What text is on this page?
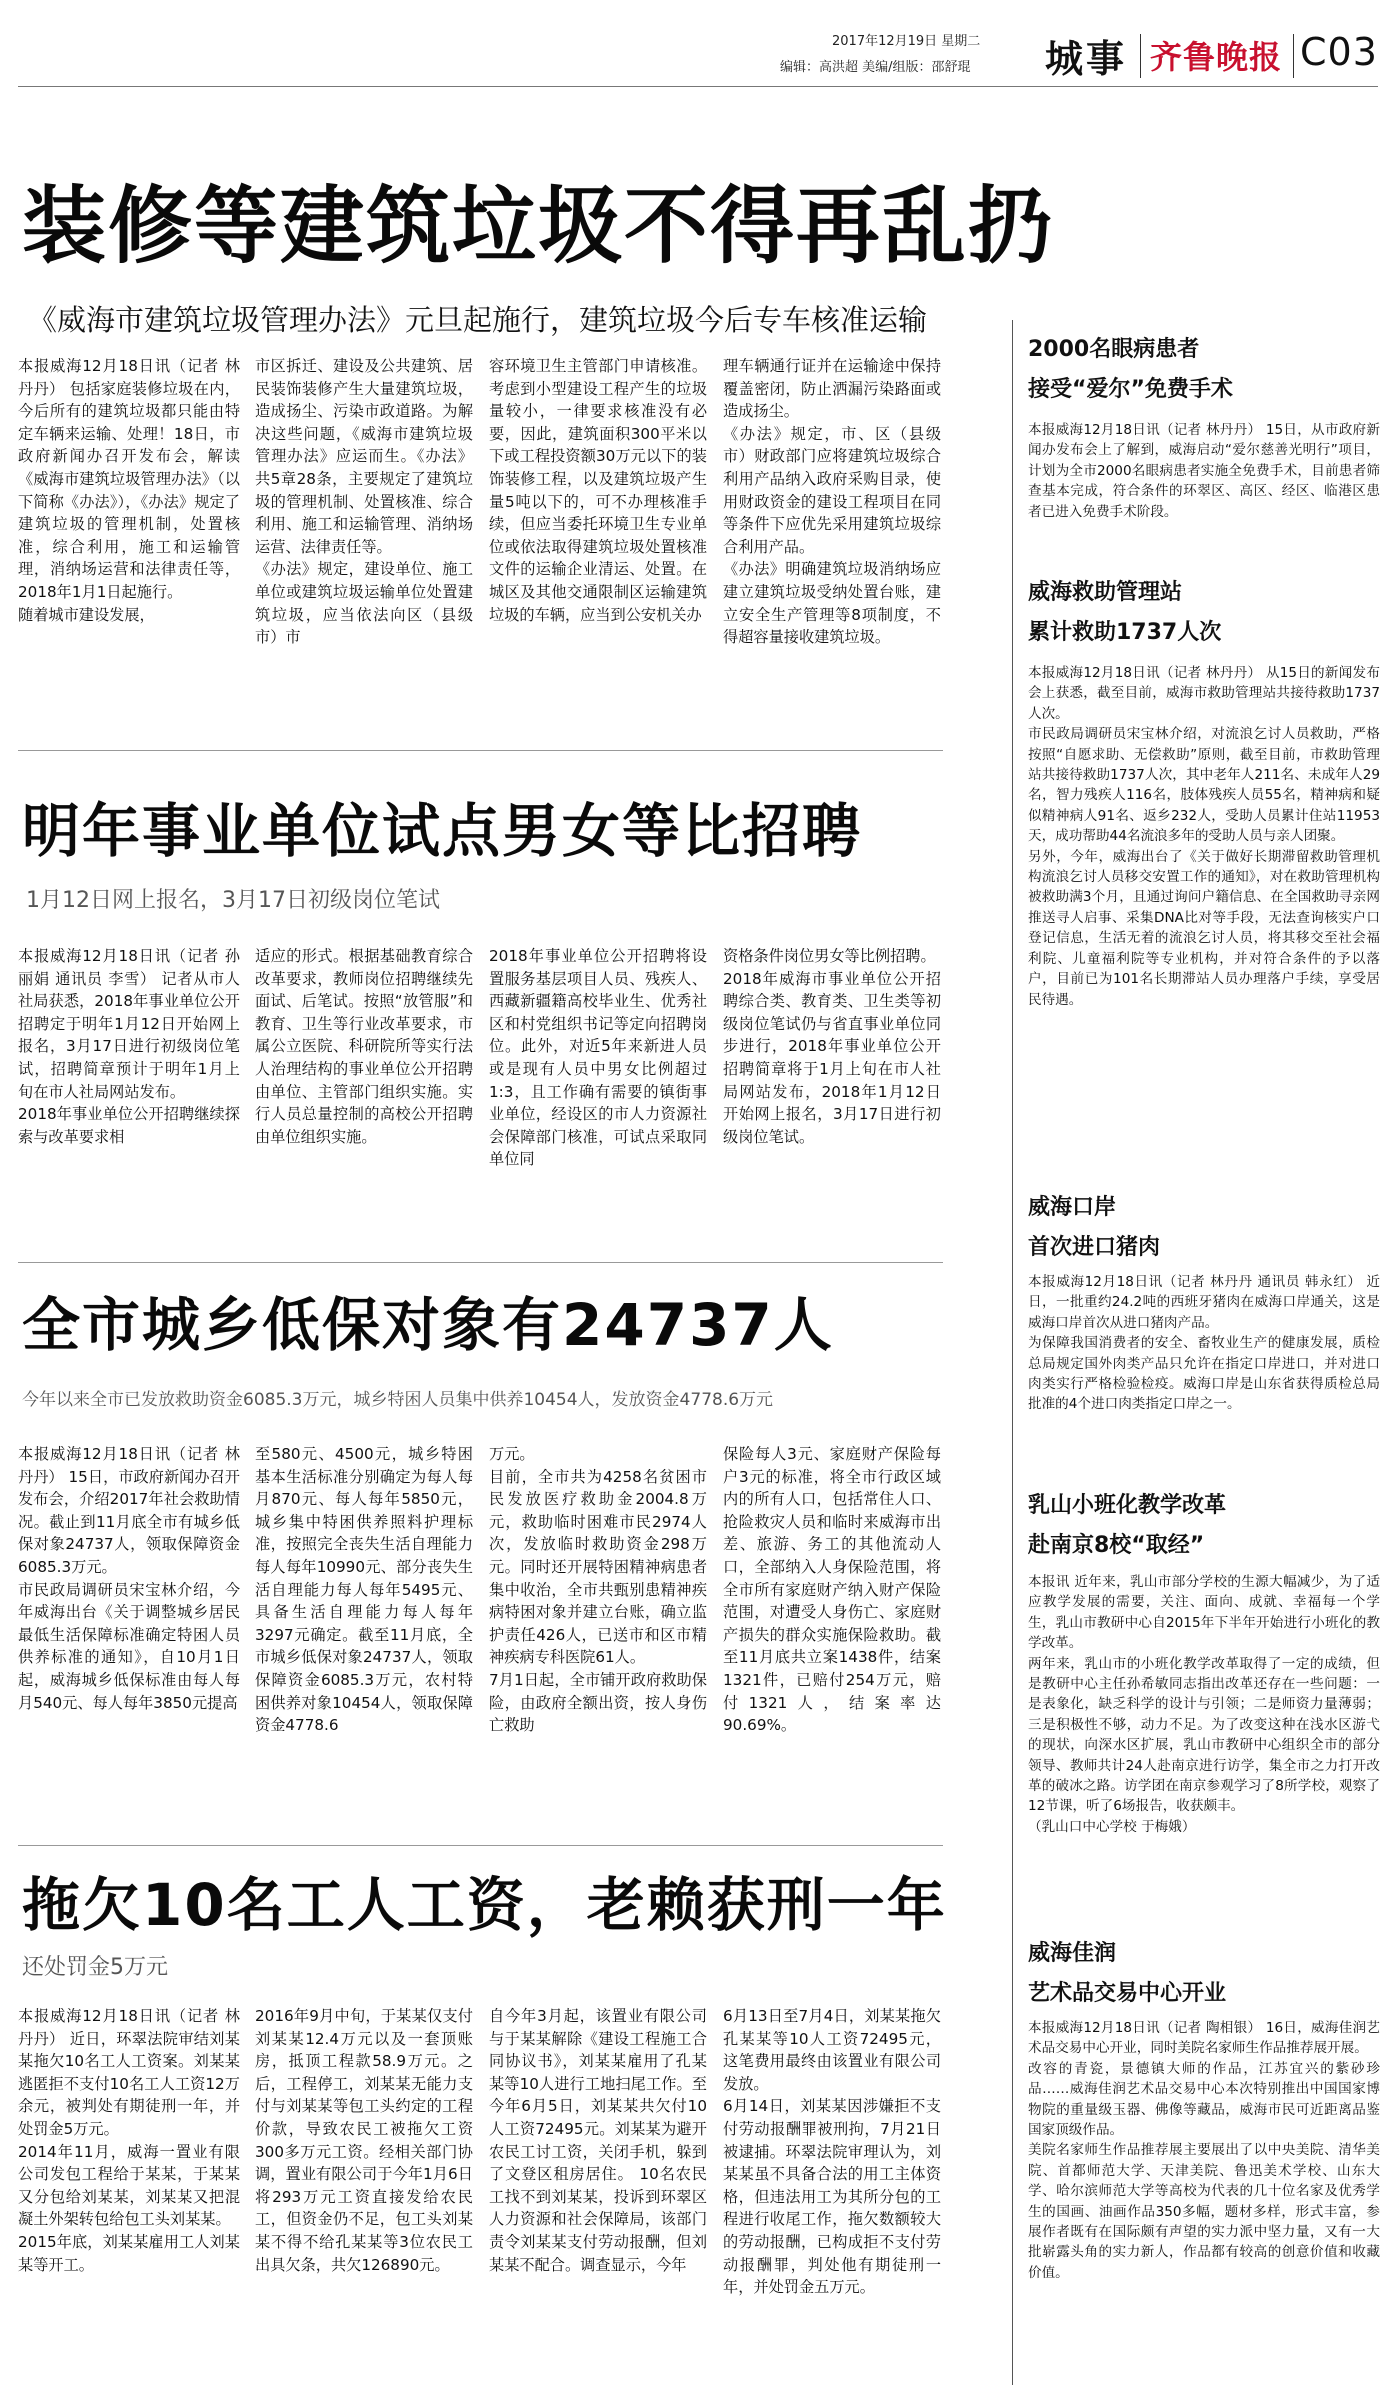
2017年12月19日 星期二
编辑：高洪超 美编/组版：邵舒琨 城事 齐鲁晚报 C03
装修等建筑垃圾不得再乱扔
《威海市建筑垃圾管理办法》元旦起施行，建筑垃圾今后专车核准运输
本报威海12月18日讯（记者 林丹丹） 包括家庭装修垃圾在内，今后所有的建筑垃圾都只能由特定车辆来运输、处理！18日，市政府新闻办召开发布会，解读《威海市建筑垃圾管理办法》（以下简称《办法》），《办法》规定了建筑垃圾的管理机制，处置核准，综合利用，施工和运输管理，消纳场运营和法律责任等，2018年1月1日起施行。
随着城市建设发展，
市区拆迁、建设及公共建筑、居民装饰装修产生大量建筑垃圾，造成扬尘、污染市政道路。为解决这些问题，《威海市建筑垃圾管理办法》应运而生。《办法》共5章28条，主要规定了建筑垃圾的管理机制、处置核准、综合利用、施工和运输管理、消纳场运营、法律责任等。
《办法》规定，建设单位、施工单位或建筑垃圾运输单位处置建筑垃圾，应当依法向区（县级市）市
容环境卫生主管部门申请核准。考虑到小型建设工程产生的垃圾量较小，一律要求核准没有必要，因此，建筑面积300平米以下或工程投资额30万元以下的装饰装修工程，以及建筑垃圾产生量5吨以下的，可不办理核准手续，但应当委托环境卫生专业单位或依法取得建筑垃圾处置核准文件的运输企业清运、处置。在城区及其他交通限制区运输建筑垃圾的车辆，应当到公安机关办
理车辆通行证并在运输途中保持覆盖密闭，防止洒漏污染路面或造成扬尘。
《办法》规定，市、区（县级市）财政部门应将建筑垃圾综合利用产品纳入政府采购目录，使用财政资金的建设工程项目在同等条件下应优先采用建筑垃圾综合利用产品。
《办法》明确建筑垃圾消纳场应建立建筑垃圾受纳处置台账，建立安全生产管理等8项制度，不得超容量接收建筑垃圾。
明年事业单位试点男女等比招聘
1月12日网上报名，3月17日初级岗位笔试
本报威海12月18日讯（记者 孙丽娟 通讯员 李雪） 记者从市人社局获悉，2018年事业单位公开招聘定于明年1月12日开始网上报名，3月17日进行初级岗位笔试，招聘简章预计于明年1月上旬在市人社局网站发布。
2018年事业单位公开招聘继续探索与改革要求相
适应的形式。根据基础教育综合改革要求，教师岗位招聘继续先面试、后笔试。按照“放管服”和教育、卫生等行业改革要求，市属公立医院、科研院所等实行法人治理结构的事业单位公开招聘由单位、主管部门组织实施。实行人员总量控制的高校公开招聘由单位组织实施。
2018年事业单位公开招聘将设置服务基层项目人员、残疾人、西藏新疆籍高校毕业生、优秀社区和村党组织书记等定向招聘岗位。此外，对近5年来新进人员或是现有人员中男女比例超过1:3，且工作确有需要的镇街事业单位，经设区的市人力资源社会保障部门核准，可试点采取同单位同
资格条件岗位男女等比例招聘。
2018年威海市事业单位公开招聘综合类、教育类、卫生类等初级岗位笔试仍与省直事业单位同步进行，2018年事业单位公开招聘简章将于1月上旬在市人社局网站发布，2018年1月12日开始网上报名，3月17日进行初级岗位笔试。
全市城乡低保对象有24737人
今年以来全市已发放救助资金6085.3万元，城乡特困人员集中供养10454人，发放资金4778.6万元
本报威海12月18日讯（记者 林丹丹） 15日，市政府新闻办召开发布会，介绍2017年社会救助情况。截止到11月底全市有城乡低保对象24737人，领取保障资金6085.3万元。
市民政局调研员宋宝林介绍，今年威海出台《关于调整城乡居民最低生活保障标准确定特困人员供养标准的通知》，自10月1日起，威海城乡低保标准由每人每月540元、每人每年3850元提高
至580元、4500元，城乡特困基本生活标准分别确定为每人每月870元、每人每年5850元，城乡集中特困供养照料护理标准，按照完全丧失生活自理能力每人每年10990元、部分丧失生活自理能力每人每年5495元、具备生活自理能力每人每年3297元确定。截至11月底，全市城乡低保对象24737人，领取保障资金6085.3万元，农村特困供养对象10454人，领取保障资金4778.6
万元。
目前，全市共为4258名贫困市民发放医疗救助金2004.8万元，救助临时困难市民2974人次，发放临时救助资金298万元。同时还开展特困精神病患者集中收治，全市共甄别患精神疾病特困对象并建立台账，确立监护责任426人，已送市和区市精神疾病专科医院61人。
7月1日起，全市铺开政府救助保险，由政府全额出资，按人身伤亡救助
保险每人3元、家庭财产保险每户3元的标准，将全市行政区域内的所有人口，包括常住人口、抢险救灾人员和临时来威海市出差、旅游、务工的其他流动人口，全部纳入人身保险范围，将全市所有家庭财产纳入财产保险范围，对遭受人身伤亡、家庭财产损失的群众实施保险救助。截至11月底共立案1438件，结案1321件，已赔付254万元，赔付1321人，结案率达90.69%。
拖欠10名工人工资，老赖获刑一年
还处罚金5万元
本报威海12月18日讯（记者 林丹丹） 近日，环翠法院审结刘某某拖欠10名工人工资案。刘某某逃匿拒不支付10名工人工资12万余元，被判处有期徒刑一年，并处罚金5万元。
2014年11月，威海一置业有限公司发包工程给于某某，于某某又分包给刘某某，刘某某又把混凝土外架转包给包工头刘某某。
2015年底，刘某某雇用工人刘某某等开工。
2016年9月中旬，于某某仅支付刘某某12.4万元以及一套顶账房，抵顶工程款58.9万元。之后，工程停工，刘某某无能力支付与刘某某等包工头约定的工程价款，导致农民工被拖欠工资300多万元工资。经相关部门协调，置业有限公司于今年1月6日将293万元工资直接发给农民工，但资金仍不足，包工头刘某某不得不给孔某某等3位农民工出具欠条，共欠126890元。
自今年3月起，该置业有限公司与于某某解除《建设工程施工合同协议书》，刘某某雇用了孔某某等10人进行工地扫尾工作。至今年6月5日，刘某某共欠付10人工资72495元。刘某某为避开农民工讨工资，关闭手机，躲到了文登区租房居住。 10名农民工找不到刘某某，投诉到环翠区人力资源和社会保障局，该部门责令刘某某支付劳动报酬，但刘某某不配合。调查显示，今年
6月13日至7月4日，刘某某拖欠孔某某等10人工资72495元，这笔费用最终由该置业有限公司发放。
6月14日，刘某某因涉嫌拒不支付劳动报酬罪被刑拘，7月21日被逮捕。环翠法院审理认为，刘某某虽不具备合法的用工主体资格，但违法用工为其所分包的工程进行收尾工作，拖欠数额较大的劳动报酬，已构成拒不支付劳动报酬罪，判处他有期徒刑一年，并处罚金五万元。
2000名眼病患者
接受“爱尔”免费手术
本报威海12月18日讯（记者 林丹丹） 15日，从市政府新闻办发布会上了解到，威海启动“爱尔慈善光明行”项目，计划为全市2000名眼病患者实施全免费手术，目前患者筛查基本完成，符合条件的环翠区、高区、经区、临港区患者已进入免费手术阶段。
威海救助管理站
累计救助1737人次
本报威海12月18日讯（记者 林丹丹） 从15日的新闻发布会上获悉，截至目前，威海市救助管理站共接待救助1737人次。
市民政局调研员宋宝林介绍，对流浪乞讨人员救助，严格按照“自愿求助、无偿救助”原则，截至目前，市救助管理站共接待救助1737人次，其中老年人211名、未成年人29名，智力残疾人116名，肢体残疾人员55名，精神病和疑似精神病人91名、返乡232人，受助人员累计住站11953天，成功帮助44名流浪多年的受助人员与亲人团聚。
另外，今年，威海出台了《关于做好长期滞留救助管理机构流浪乞讨人员移交安置工作的通知》，对在救助管理机构被救助满3个月，且通过询问户籍信息、在全国救助寻亲网推送寻人启事、采集DNA比对等手段，无法查询核实户口登记信息，生活无着的流浪乞讨人员，将其移交至社会福利院、儿童福利院等专业机构，并对符合条件的予以落户，目前已为101名长期滞站人员办理落户手续，享受居民待遇。
威海口岸
首次进口猪肉
本报威海12月18日讯（记者 林丹丹 通讯员 韩永红） 近日，一批重约24.2吨的西班牙猪肉在威海口岸通关，这是威海口岸首次从进口猪肉产品。
为保障我国消费者的安全、畜牧业生产的健康发展，质检总局规定国外肉类产品只允许在指定口岸进口，并对进口肉类实行严格检验检疫。威海口岸是山东省获得质检总局批准的4个进口肉类指定口岸之一。
乳山小班化教学改革
赴南京8校“取经”
本报讯 近年来，乳山市部分学校的生源大幅减少，为了适应教学发展的需要，关注、面向、成就、幸福每一个学生，乳山市教研中心自2015年下半年开始进行小班化的教学改革。
两年来，乳山市的小班化教学改革取得了一定的成绩，但是教研中心主任孙希敏同志指出改革还存在一些问题：一是表象化，缺乏科学的设计与引领；二是师资力量薄弱；三是积极性不够，动力不足。为了改变这种在浅水区游弋的现状，向深水区扩展，乳山市教研中心组织全市的部分领导、教师共计24人赴南京进行访学，集全市之力打开改革的破冰之路。访学团在南京参观学习了8所学校，观察了12节课，听了6场报告，收获颇丰。
（乳山口中心学校 于梅娥）
威海佳润
艺术品交易中心开业
本报威海12月18日讯（记者 陶相银） 16日，威海佳润艺术品交易中心开业，同时美院名家师生作品推荐展开展。
改容的青瓷，景德镇大师的作品，江苏宜兴的紫砂珍品……威海佳润艺术品交易中心本次特别推出中国国家博物院的重量级玉器、佛像等藏品，威海市民可近距离品鉴国家顶级作品。
美院名家师生作品推荐展主要展出了以中央美院、清华美院、首都师范大学、天津美院、鲁迅美术学校、山东大学、哈尔滨师范大学等高校为代表的几十位名家及优秀学生的国画、油画作品350多幅，题材多样，形式丰富，参展作者既有在国际颇有声望的实力派中坚力量，又有一大批崭露头角的实力新人，作品都有较高的创意价值和收藏价值。
